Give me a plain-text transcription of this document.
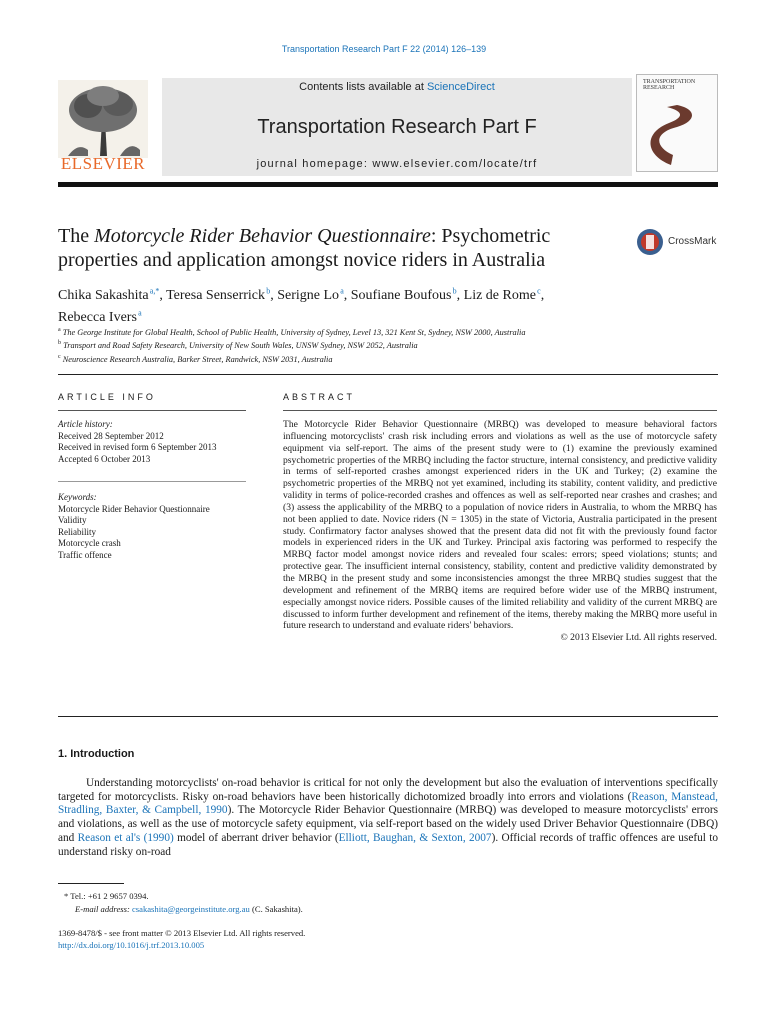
Transportation Research Part F 22 (2014) 126–139
ELSEVIER
Contents lists available at ScienceDirect
Transportation Research Part F
journal homepage: www.elsevier.com/locate/trf
TRANSPORTATION RESEARCH
The Motorcycle Rider Behavior Questionnaire: Psychometric properties and application amongst novice riders in Australia
CrossMark
Chika Sakashita $^{a,*}$, Teresa Senserrick $^b$, Serigne Lo $^a$, Soufiane Boufous $^b$, Liz de Rome $^c$,
Rebecca Ivers $^a$
$^a$ The George Institute for Global Health, School of Public Health, University of Sydney, Level 13, 321 Kent St, Sydney, NSW 2000, Australia
$^b$ Transport and Road Safety Research, University of New South Wales, UNSW Sydney, NSW 2052, Australia
$^c$ Neuroscience Research Australia, Barker Street, Randwick, NSW 2031, Australia
ARTICLE INFO	ABSTRACT
Article history:
Received 28 September 2012
Received in revised form 6 September 2013
Accepted 6 October 2013
Keywords:
Motorcycle Rider Behavior Questionnaire
Validity
Reliability
Motorcycle crash
Traffic offence
The Motorcycle Rider Behavior Questionnaire (MRBQ) was developed to measure behavioral factors influencing motorcyclists' crash risk including errors and violations as well as the use of motorcycle safety equipment via self-report. The aims of the present study were to (1) examine the previously examined psychometric properties of the MRBQ including the factor structure, internal consistency, and predictive validity in terms of self-reported crashes amongst experienced riders in the UK and Turkey; (2) examine the psychometric properties of the MRBQ not yet examined, including its stability, content validity, and predictive validity in terms of police-recorded crashes and offences as well as self-reported near crashes and crashes; and (3) assess the applicability of the MRBQ to a population of novice riders in Australia, to whom the MRBQ has not been applied to date. Novice riders (N = 1305) in the state of Victoria, Australia participated in the present study. Confirmatory factor analyses showed that the present data did not fit with the previously found factor models in experienced riders in the UK and Turkey. Principal axis factoring was performed to respecify the MRBQ factor model amongst novice riders and revealed four scales: errors; speed violations; stunts; and protective gear. The insufficient internal consistency, stability, content and predictive validity demonstrated by the MRBQ in the present study and some inconsistencies amongst the three MRBQ studies suggest that the development and refinement of the MRBQ items are required before wider use of the MRBQ instrument, especially amongst novice riders. Possible causes of the limited reliability and validity of the current MRBQ are discussed to inform further development and refinement of the items, thereby making the MRBQ more useful in future research to understand and evaluate riders' behaviors.
© 2013 Elsevier Ltd. All rights reserved.
1. Introduction
Understanding motorcyclists' on-road behavior is critical for not only the development but also the evaluation of interventions specifically targeted for motorcyclists. Risky on-road behaviors have been historically dichotomized broadly into errors and violations (Reason, Manstead, Stradling, Baxter, & Campbell, 1990). The Motorcycle Rider Behavior Questionnaire (MRBQ) was developed to measure motorcyclists' errors and violations, as well as the use of motorcycle safety equipment, via self-report based on the widely used Driver Behavior Questionnaire (DBQ) and Reason et al's (1990) model of aberrant driver behavior (Elliott, Baughan, & Sexton, 2007). Official records of traffic offences are useful to understand risky on-road
* Tel.: +61 2 9657 0394.
E-mail address: csakashita@georgeinstitute.org.au (C. Sakashita).
1369-8478/$ - see front matter © 2013 Elsevier Ltd. All rights reserved.
http://dx.doi.org/10.1016/j.trf.2013.10.005
